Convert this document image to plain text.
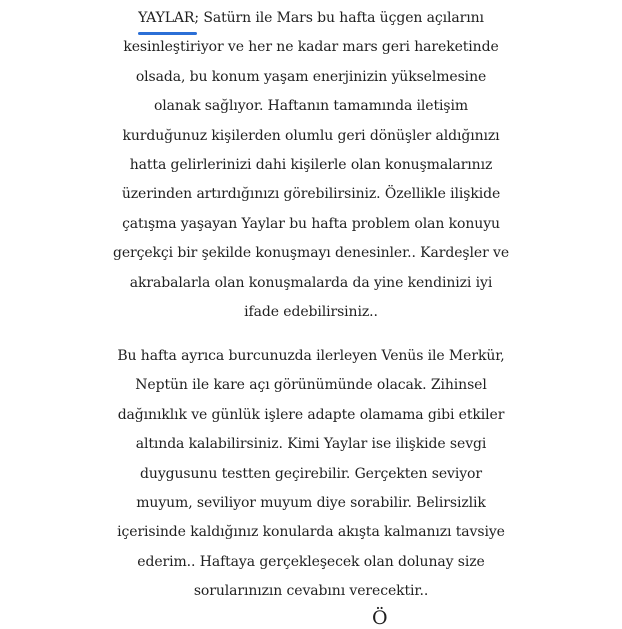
YAYLAR;
Satürn ile Mars bu hafta üçgen açılarını
kesinleştiriyor ve her ne kadar mars geri hareketinde
olsada, bu konum yaşam enerjinizin yükselmesine
olanak sağlıyor. Haftanın tamamında iletişim
kurduğunuz kişilerden olumlu geri dönüşler aldığınızı
hatta gelirlerinizi dahi kişilerle olan konuşmalarınız
üzerinden artırdığınızı görebilirsiniz. Özellikle ilişkide
çatışma yaşayan Yaylar bu hafta problem olan konuyu
gerçekçi bir şekilde konuşmayı denesinler.. Kardeşler ve
akrabalarla olan konuşmalarda da yine kendinizi iyi
ifade edebilirsiniz..
Bu hafta ayrıca burcunuzda ilerleyen Venüs ile Merkür,
Neptün ile kare açı görünümünde olacak. Zihinsel
dağınıklık ve günlük işlere adapte olamama gibi etkiler
altında kalabilirsiniz. Kimi Yaylar ise ilişkide sevgi
duygusunu testten geçirebilir. Gerçekten seviyor
muyum, seviliyor muyum diye sorabilir. Belirsizlik
içerisinde kaldığınız konularda akışta kalmanızı tavsiye
ederim.. Haftaya gerçekleşecek olan dolunay size
sorularınızın cevabını verecektir..
Ö
